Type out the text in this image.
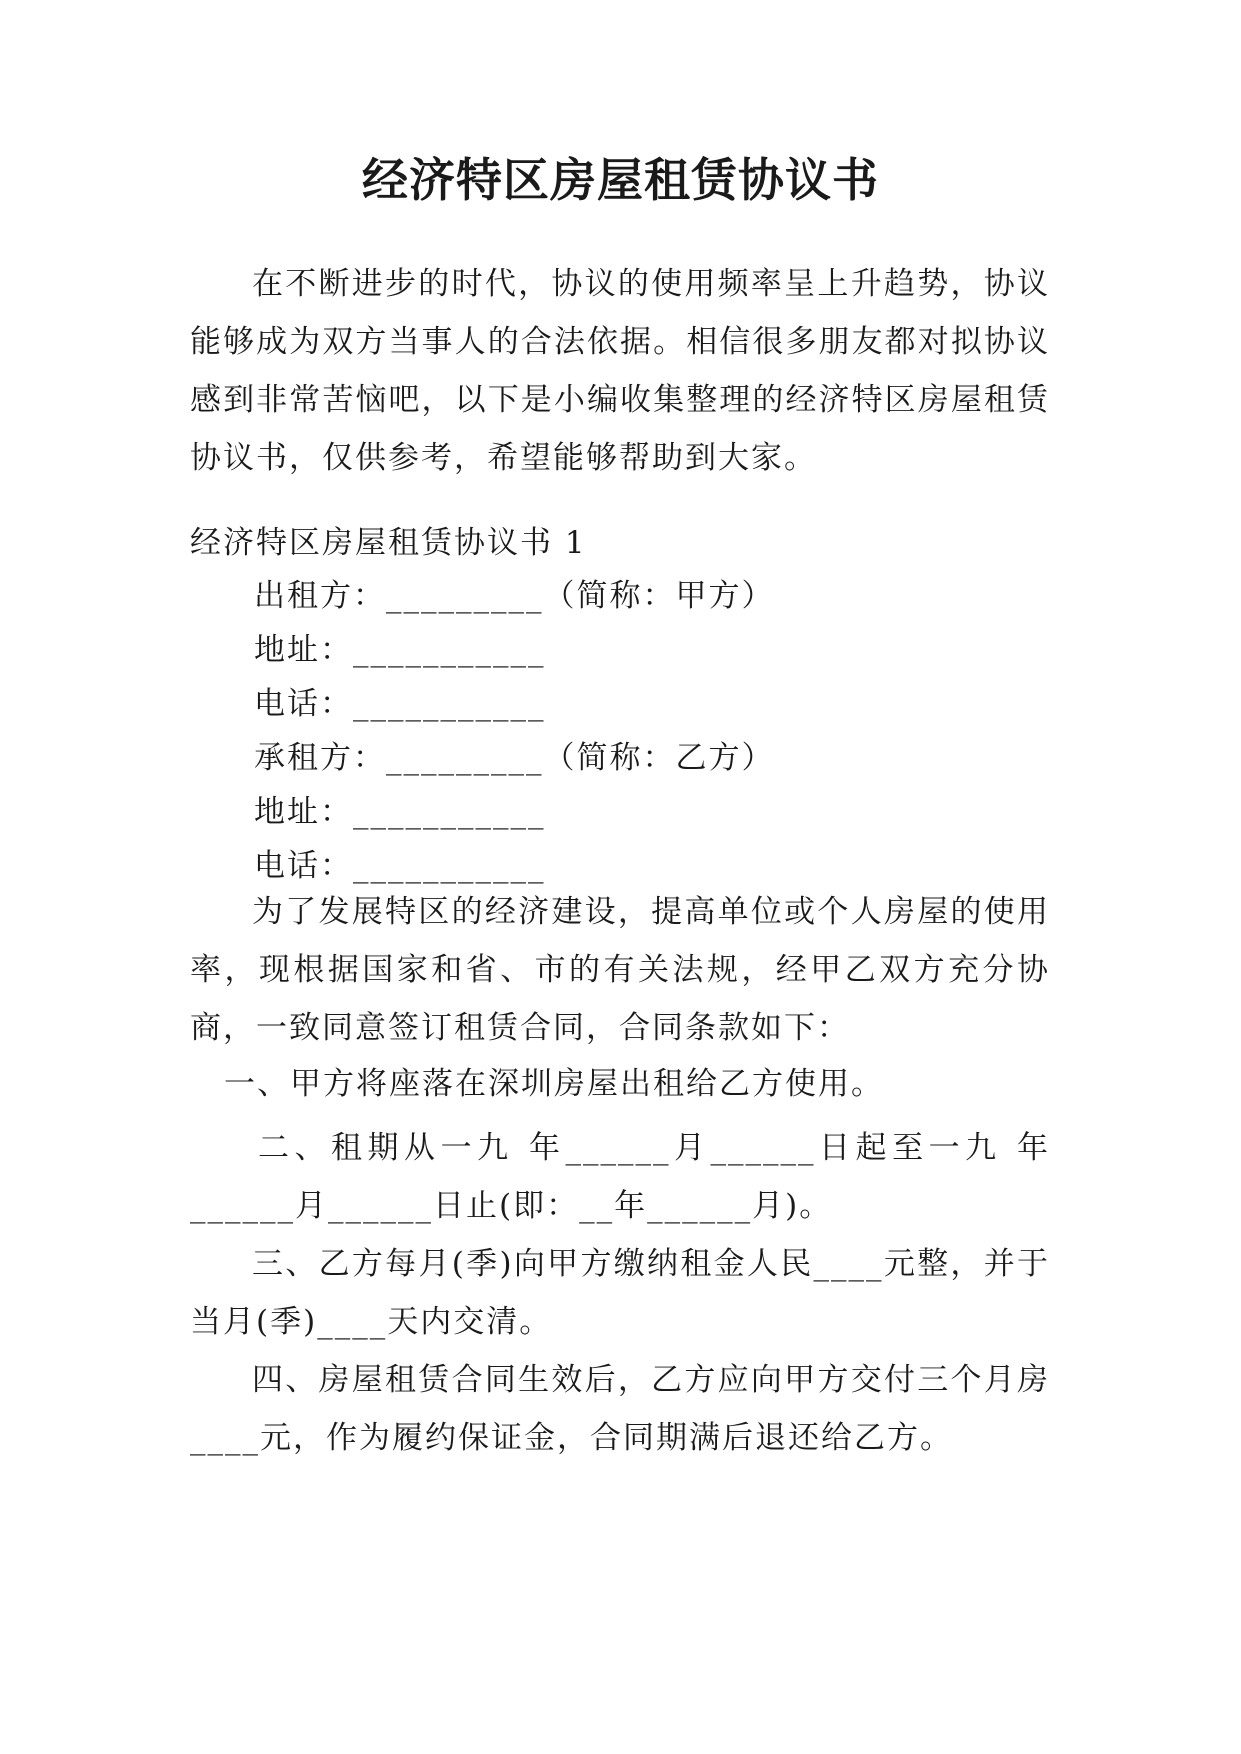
经济特区房屋租赁协议书
在不断进步的时代，协议的使用频率呈上升趋势，协议能够成为双方当事人的合法依据。相信很多朋友都对拟协议感到非常苦恼吧，以下是小编收集整理的经济特区房屋租赁协议书，仅供参考，希望能够帮助到大家。
经济特区房屋租赁协议书 1
出租方：_________（简称：甲方）
地址：___________
电话：___________
承租方：_________（简称：乙方）
地址：___________
电话：___________
为了发展特区的经济建设，提高单位或个人房屋的使用率，现根据国家和省、市的有关法规，经甲乙双方充分协商，一致同意签订租赁合同，合同条款如下：
一、甲方将座落在深圳房屋出租给乙方使用。
二、租期从一九 年______月______日起至一九 年______月______日止(即：__年______月)。
三、乙方每月(季)向甲方缴纳租金人民____元整，并于当月(季)____天内交清。
四、房屋租赁合同生效后，乙方应向甲方交付三个月房____元，作为履约保证金，合同期满后退还给乙方。
